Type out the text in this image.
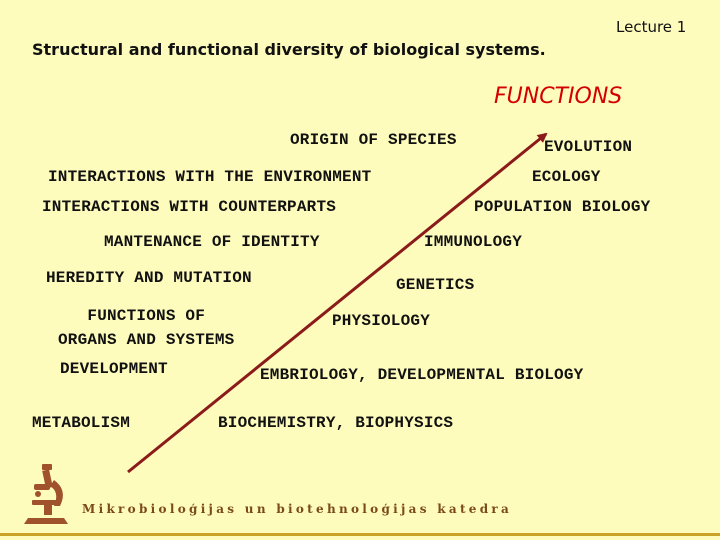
Lecture 1
Structural and functional diversity of biological systems.
FUNCTIONS
ORIGIN OF SPECIES
INTERACTIONS WITH THE ENVIRONMENT
INTERACTIONS WITH COUNTERPARTS
MANTENANCE OF IDENTITY
HEREDITY AND MUTATION
FUNCTIONS OF
ORGANS AND SYSTEMS
DEVELOPMENT
METABOLISM
EVOLUTION
ECOLOGY
POPULATION BIOLOGY
IMMUNOLOGY
GENETICS
PHYSIOLOGY
EMBRIOLOGY, DEVELOPMENTAL BIOLOGY
BIOCHEMISTRY, BIOPHYSICS
Mikrobioloģijas un biotehnoloģijas katedra
